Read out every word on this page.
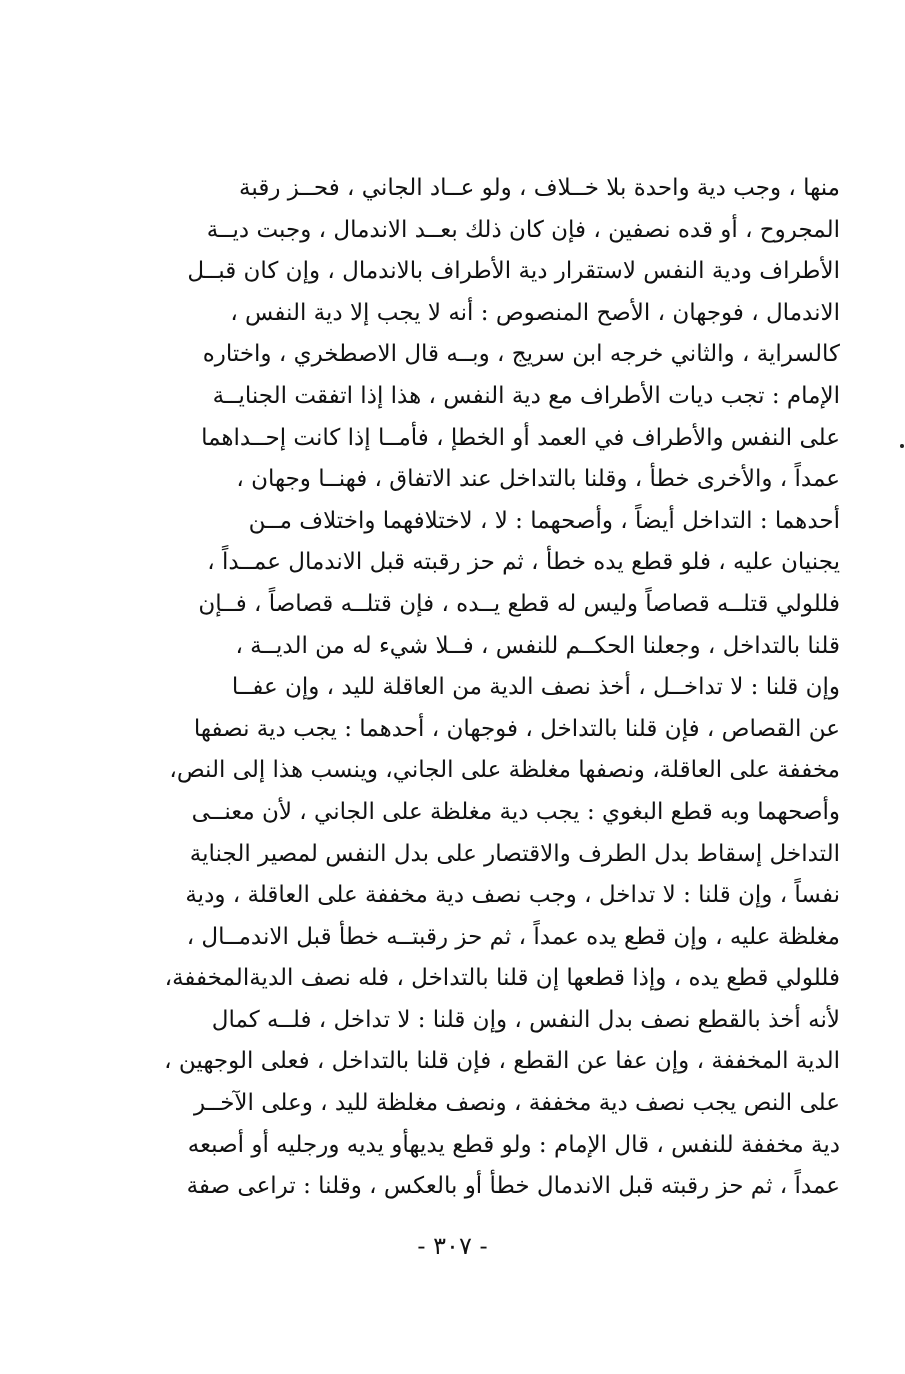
منها ، وجب دية واحدة بلا خــلاف ، ولو عــاد الجاني ، فحــز رقبة
المجروح ، أو قده نصفين ، فإن كان ذلك بعــد الاندمال ، وجبت ديــة
الأطراف ودية النفس لاستقرار دية الأطراف بالاندمال ، وإن كان قبــل
الاندمال ، فوجهان ، الأصح المنصوص : أنه لا يجب إلا دية النفس ،
كالسراية ، والثاني خرجه ابن سريج ، وبــه قال الاصطخري ، واختاره
الإمام : تجب ديات الأطراف مع دية النفس ، هذا إذا اتفقت الجنايــة
على النفس والأطراف في العمد أو الخطإ ، فأمــا إذا كانت إحــداهما
عمداً ، والأخرى خطأ ، وقلنا بالتداخل عند الاتفاق ، فهنــا وجهان ،
أحدهما : التداخل أيضاً ، وأصحهما : لا ، لاختلافهما واختلاف مــن
يجنيان عليه ، فلو قطع يده خطأ ، ثم حز رقبته قبل الاندمال عمــداً ،
فللولي قتلــه قصاصاً وليس له قطع يــده ، فإن قتلــه قصاصاً ، فــإن
قلنا بالتداخل ، وجعلنا الحكــم للنفس ، فــلا شيء له من الديــة ،
وإن قلنا : لا تداخــل ، أخذ نصف الدية من العاقلة لليد ، وإن عفــا
عن القصاص ، فإن قلنا بالتداخل ، فوجهان ، أحدهما : يجب دية نصفها
مخففة على العاقلة، ونصفها مغلظة على الجاني، وينسب هذا إلى النص،
وأصحهما وبه قطع البغوي : يجب دية مغلظة على الجاني ، لأن معنــى
التداخل إسقاط بدل الطرف والاقتصار على بدل النفس لمصير الجناية
نفساً ، وإن قلنا : لا تداخل ، وجب نصف دية مخففة على العاقلة ، ودية
مغلظة عليه ، وإن قطع يده عمداً ، ثم حز رقبتــه خطأ قبل الاندمــال ،
فللولي قطع يده ، وإذا قطعها إن قلنا بالتداخل ، فله نصف الديةالمخففة،
لأنه أخذ بالقطع نصف بدل النفس ، وإن قلنا : لا تداخل ، فلــه كمال
الدية المخففة ، وإن عفا عن القطع ، فإن قلنا بالتداخل ، فعلى الوجهين ،
على النص يجب نصف دية مخففة ، ونصف مغلظة لليد ، وعلى الآخــر
دية مخففة للنفس ، قال الإمام : ولو قطع يديهأو يديه ورجليه أو أصبعه
عمداً ، ثم حز رقبته قبل الاندمال خطأ أو بالعكس ، وقلنا : تراعى صفة
- ٣٠٧ -
